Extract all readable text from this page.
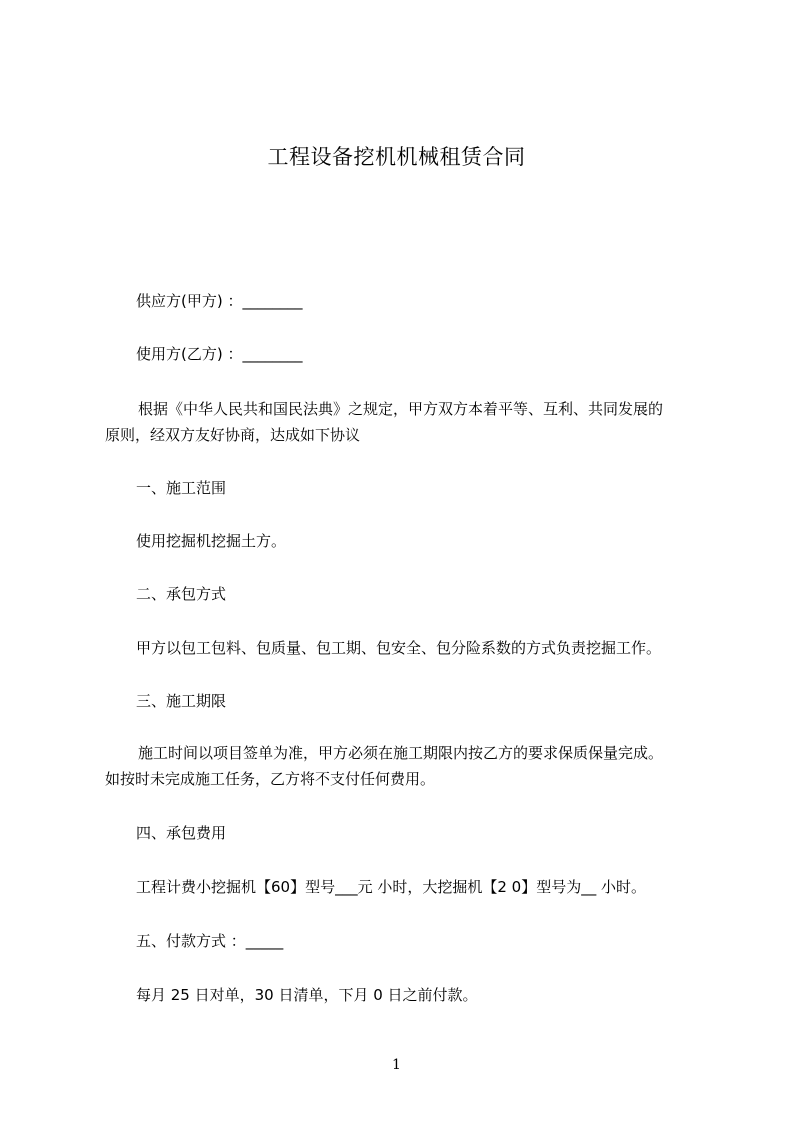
工程设备挖机机械租赁合同
供应方(甲方) ：________
使用方(乙方) ：________
根据《中华人民共和国民法典》之规定，甲方双方本着平等、互利、共同发展的
原则，经双方友好协商，达成如下协议
一、施工范围
使用挖掘机挖掘土方。
二、承包方式
甲方以包工包料、包质量、包工期、包安全、包分险系数的方式负责挖掘工作。
三、施工期限
施工时间以项目签单为准，甲方必须在施工期限内按乙方的要求保质保量完成。
如按时未完成施工任务，乙方将不支付任何费用。
四、承包费用
工程计费小挖掘机【60】型号___元 小时，大挖掘机【2 0】型号为__ 小时。
五、付款方式 ：_____
每月 25 日对单，30 日清单，下月 0 日之前付款。
1
